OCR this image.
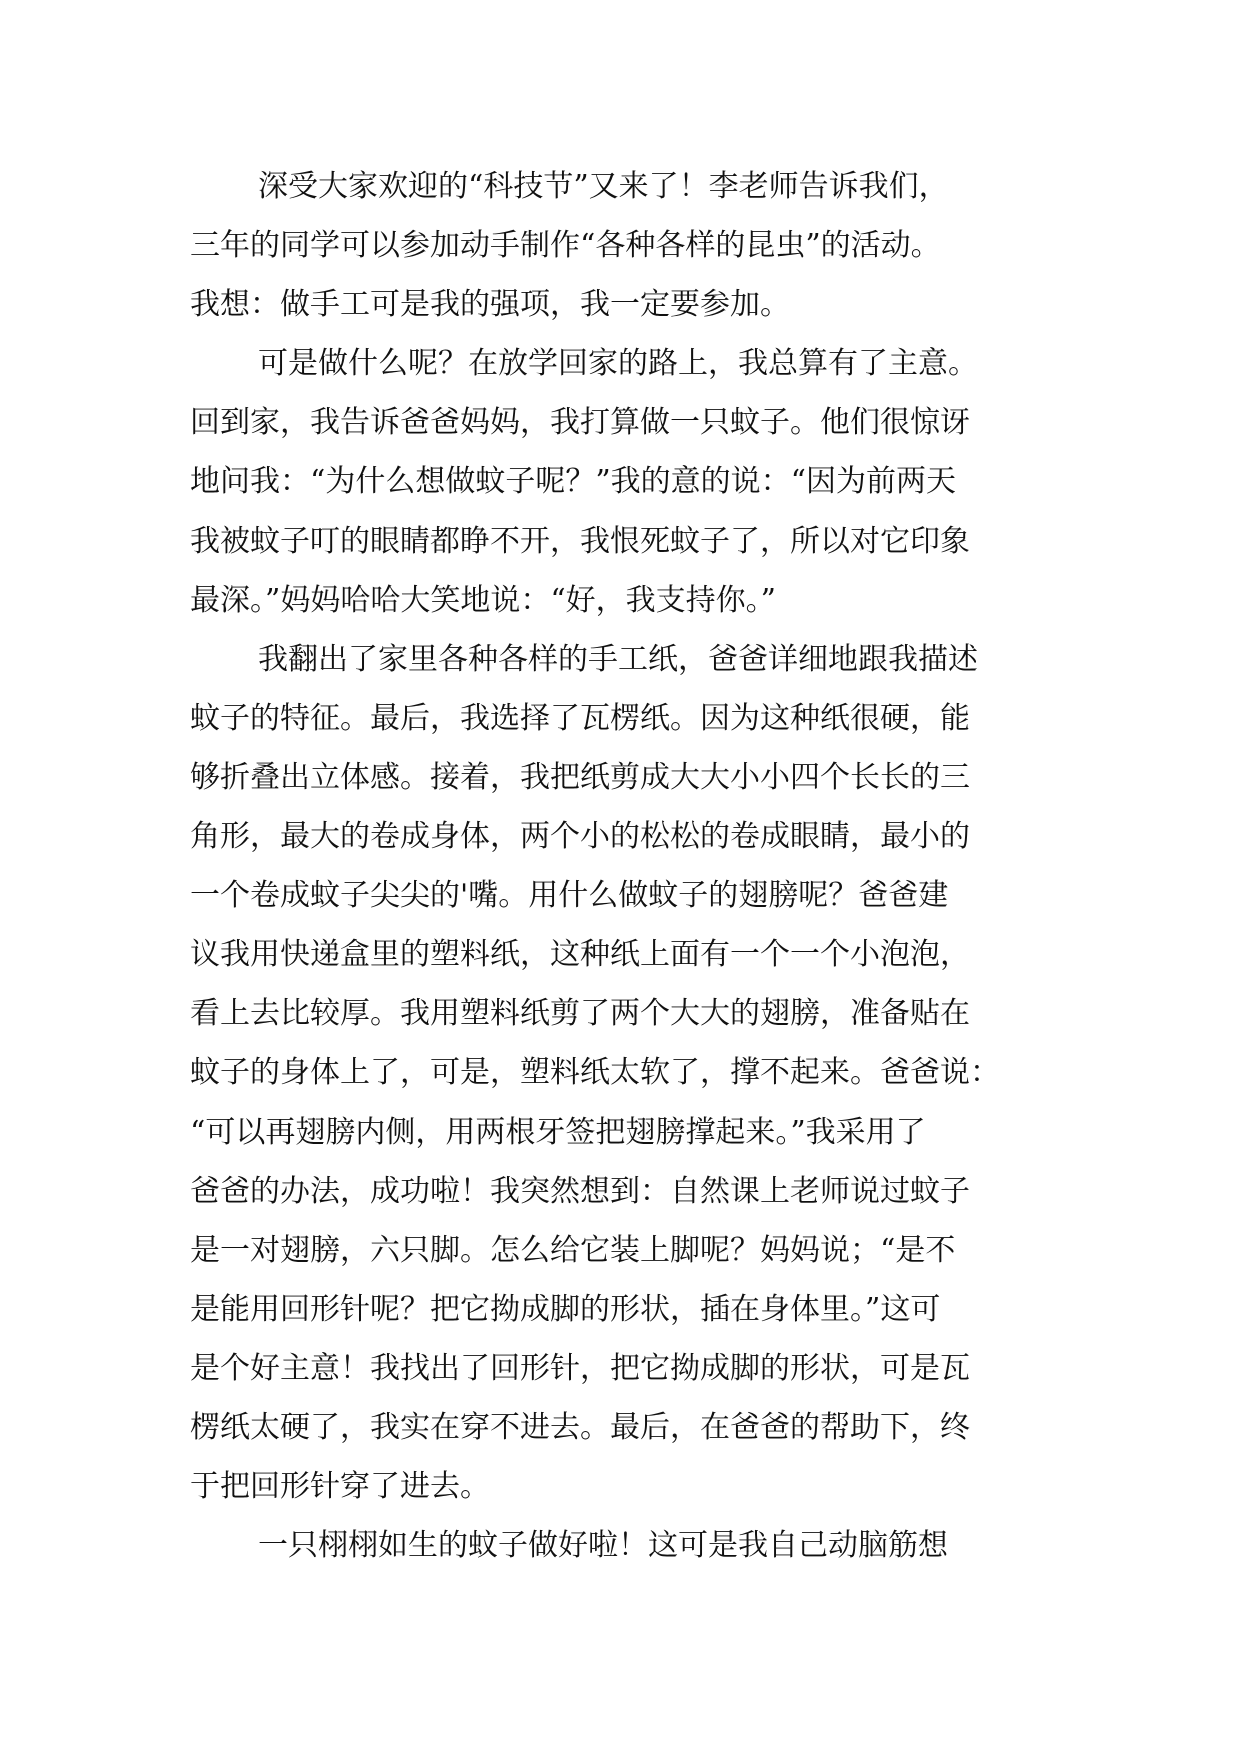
深受大家欢迎的“科技节”又来了！李老师告诉我们，
三年的同学可以参加动手制作“各种各样的昆虫”的活动。
我想：做手工可是我的强项，我一定要参加。
可是做什么呢？在放学回家的路上，我总算有了主意。
回到家，我告诉爸爸妈妈，我打算做一只蚊子。他们很惊讶
地问我：“为什么想做蚊子呢？”我的意的说：“因为前两天
我被蚊子叮的眼睛都睁不开，我恨死蚊子了，所以对它印象
最深。”妈妈哈哈大笑地说：“好，我支持你。”
我翻出了家里各种各样的手工纸，爸爸详细地跟我描述
蚊子的特征。最后，我选择了瓦楞纸。因为这种纸很硬，能
够折叠出立体感。接着，我把纸剪成大大小小四个长长的三
角形，最大的卷成身体，两个小的松松的卷成眼睛，最小的
一个卷成蚊子尖尖的'嘴。用什么做蚊子的翅膀呢？爸爸建
议我用快递盒里的塑料纸，这种纸上面有一个一个小泡泡，
看上去比较厚。我用塑料纸剪了两个大大的翅膀，准备贴在
蚊子的身体上了，可是，塑料纸太软了，撑不起来。爸爸说：
“可以再翅膀内侧，用两根牙签把翅膀撑起来。”我采用了
爸爸的办法，成功啦！我突然想到：自然课上老师说过蚊子
是一对翅膀，六只脚。怎么给它装上脚呢？妈妈说；“是不
是能用回形针呢？把它拗成脚的形状，插在身体里。”这可
是个好主意！我找出了回形针，把它拗成脚的形状，可是瓦
楞纸太硬了，我实在穿不进去。最后，在爸爸的帮助下，终
于把回形针穿了进去。
一只栩栩如生的蚊子做好啦！这可是我自己动脑筋想
